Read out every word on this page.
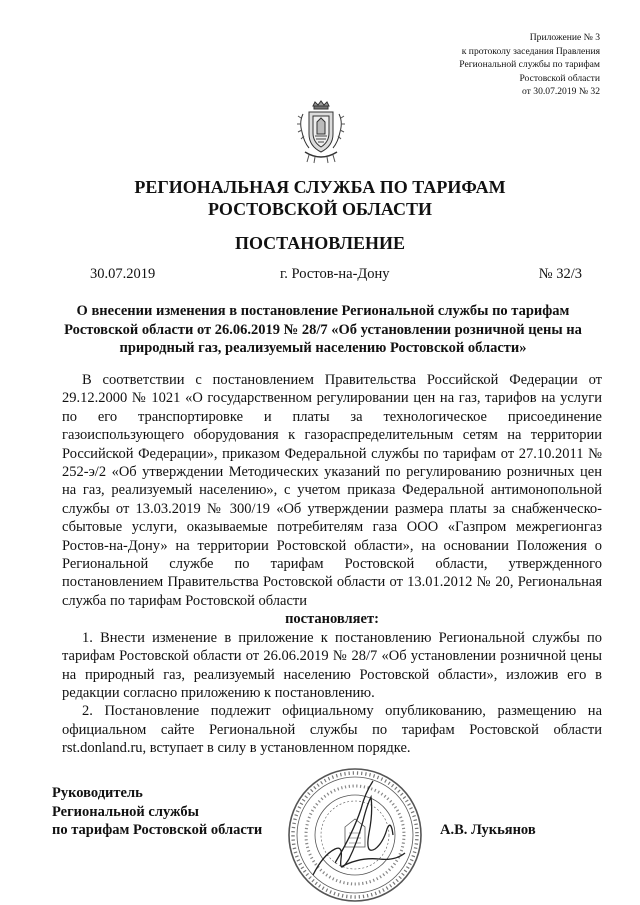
Приложение № 3
к протоколу заседания Правления
Региональной службы по тарифам
Ростовской области
от 30.07.2019 № 32
РЕГИОНАЛЬНАЯ СЛУЖБА ПО ТАРИФАМ
РОСТОВСКОЙ ОБЛАСТИ
ПОСТАНОВЛЕНИЕ
30.07.2019	г. Ростов-на-Дону	№ 32/3
О внесении изменения в постановление Региональной службы по тарифам Ростовской области от 26.06.2019 № 28/7 «Об установлении розничной цены на природный газ, реализуемый населению Ростовской области»

В соответствии с постановлением Правительства Российской Федерации от 29.12.2000 № 1021 «О государственном регулировании цен на газ, тарифов на услуги по его транспортировке и платы за технологическое присоединение газоиспользующего оборудования к газораспределительным сетям на территории Российской Федерации», приказом Федеральной службы по тарифам от 27.10.2011 № 252-э/2 «Об утверждении Методических указаний по регулированию розничных цен на газ, реализуемый населению», с учетом приказа Федеральной антимонопольной службы от 13.03.2019 № 300/19 «Об утверждении размера платы за снабженческо-сбытовые услуги, оказываемые потребителям газа ООО «Газпром межрегионгаз Ростов-на-Дону» на территории Ростовской области», на основании Положения о Региональной службе по тарифам Ростовской области, утвержденного постановлением Правительства Ростовской области от 13.01.2012 № 20, Региональная служба по тарифам Ростовской области

постановляет:

1. Внести изменение в приложение к постановлению Региональной службы по тарифам Ростовской области от 26.06.2019 № 28/7 «Об установлении розничной цены на природный газ, реализуемый населению Ростовской области», изложив его в редакции согласно приложению к постановлению.

2. Постановление подлежит официальному опубликованию, размещению на официальном сайте Региональной службы по тарифам Ростовской области rst.donland.ru, вступает в силу в установленном порядке.

Руководитель
Региональной службы
по тарифам Ростовской области	А.В. Лукьянов
